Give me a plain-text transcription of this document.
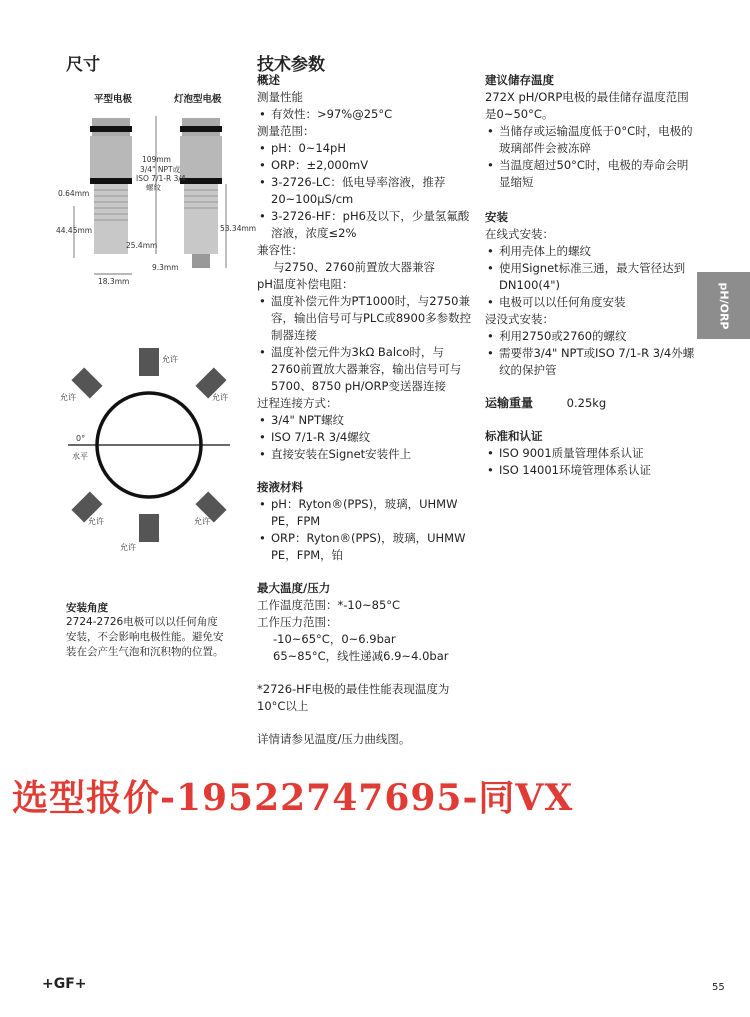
尺寸
平型电极	灯泡型电极
109mm
3/4" NPT或
ISO 7/1-R 3/4
螺纹
0.64mm
44.45mm
25.4mm
53.34mm
9.3mm
18.3mm
允许
允许	允许
0°
水平
允许	允许
允许
安装角度
2724-2726电极可以以任何角度安装，不会影响电极性能。避免安装在会产生气泡和沉积物的位置。
技术参数
概述
测量性能
• 有效性：>97%@25°C
测量范围：
• pH：0~14pH
• ORP：±2,000mV
• 3-2726-LC：低电导率溶液，推荐20~100μS/cm
• 3-2726-HF：pH6及以下，少量氢氟酸溶液，浓度≤2%
兼容性：
与2750、2760前置放大器兼容
pH温度补偿电阻：
• 温度补偿元件为PT1000时，与2750兼容，输出信号可与PLC或8900多参数控制器连接
• 温度补偿元件为3kΩ Balco时，与2760前置放大器兼容，输出信号可与5700、8750 pH/ORP变送器连接
过程连接方式：
• 3/4" NPT螺纹
• ISO 7/1-R 3/4螺纹
• 直接安装在Signet安装件上
接液材料
• pH：Ryton®(PPS)，玻璃，UHMW PE，FPM
• ORP：Ryton®(PPS)，玻璃，UHMW PE，FPM，铂
最大温度/压力
工作温度范围：*-10~85°C
工作压力范围：
-10~65°C，0~6.9bar
65~85°C，线性递减6.9~4.0bar
*2726-HF电极的最佳性能表现温度为10°C以上
详情请参见温度/压力曲线图。
建议储存温度
272X pH/ORP电极的最佳储存温度范围是0~50°C。
• 当储存或运输温度低于0°C时，电极的玻璃部件会被冻碎
• 当温度超过50°C时，电极的寿命会明显缩短
安装
在线式安装：
• 利用壳体上的螺纹
• 使用Signet标准三通，最大管径达到DN100(4")
• 电极可以以任何角度安装
浸没式安装：
• 利用2750或2760的螺纹
• 需要带3/4" NPT或ISO 7/1-R 3/4外螺纹的保护管
运输重量	0.25kg
标准和认证
• ISO 9001质量管理体系认证
• ISO 14001环境管理体系认证
pH/ORP
选型报价-19522747695-同VX
+GF+	55
